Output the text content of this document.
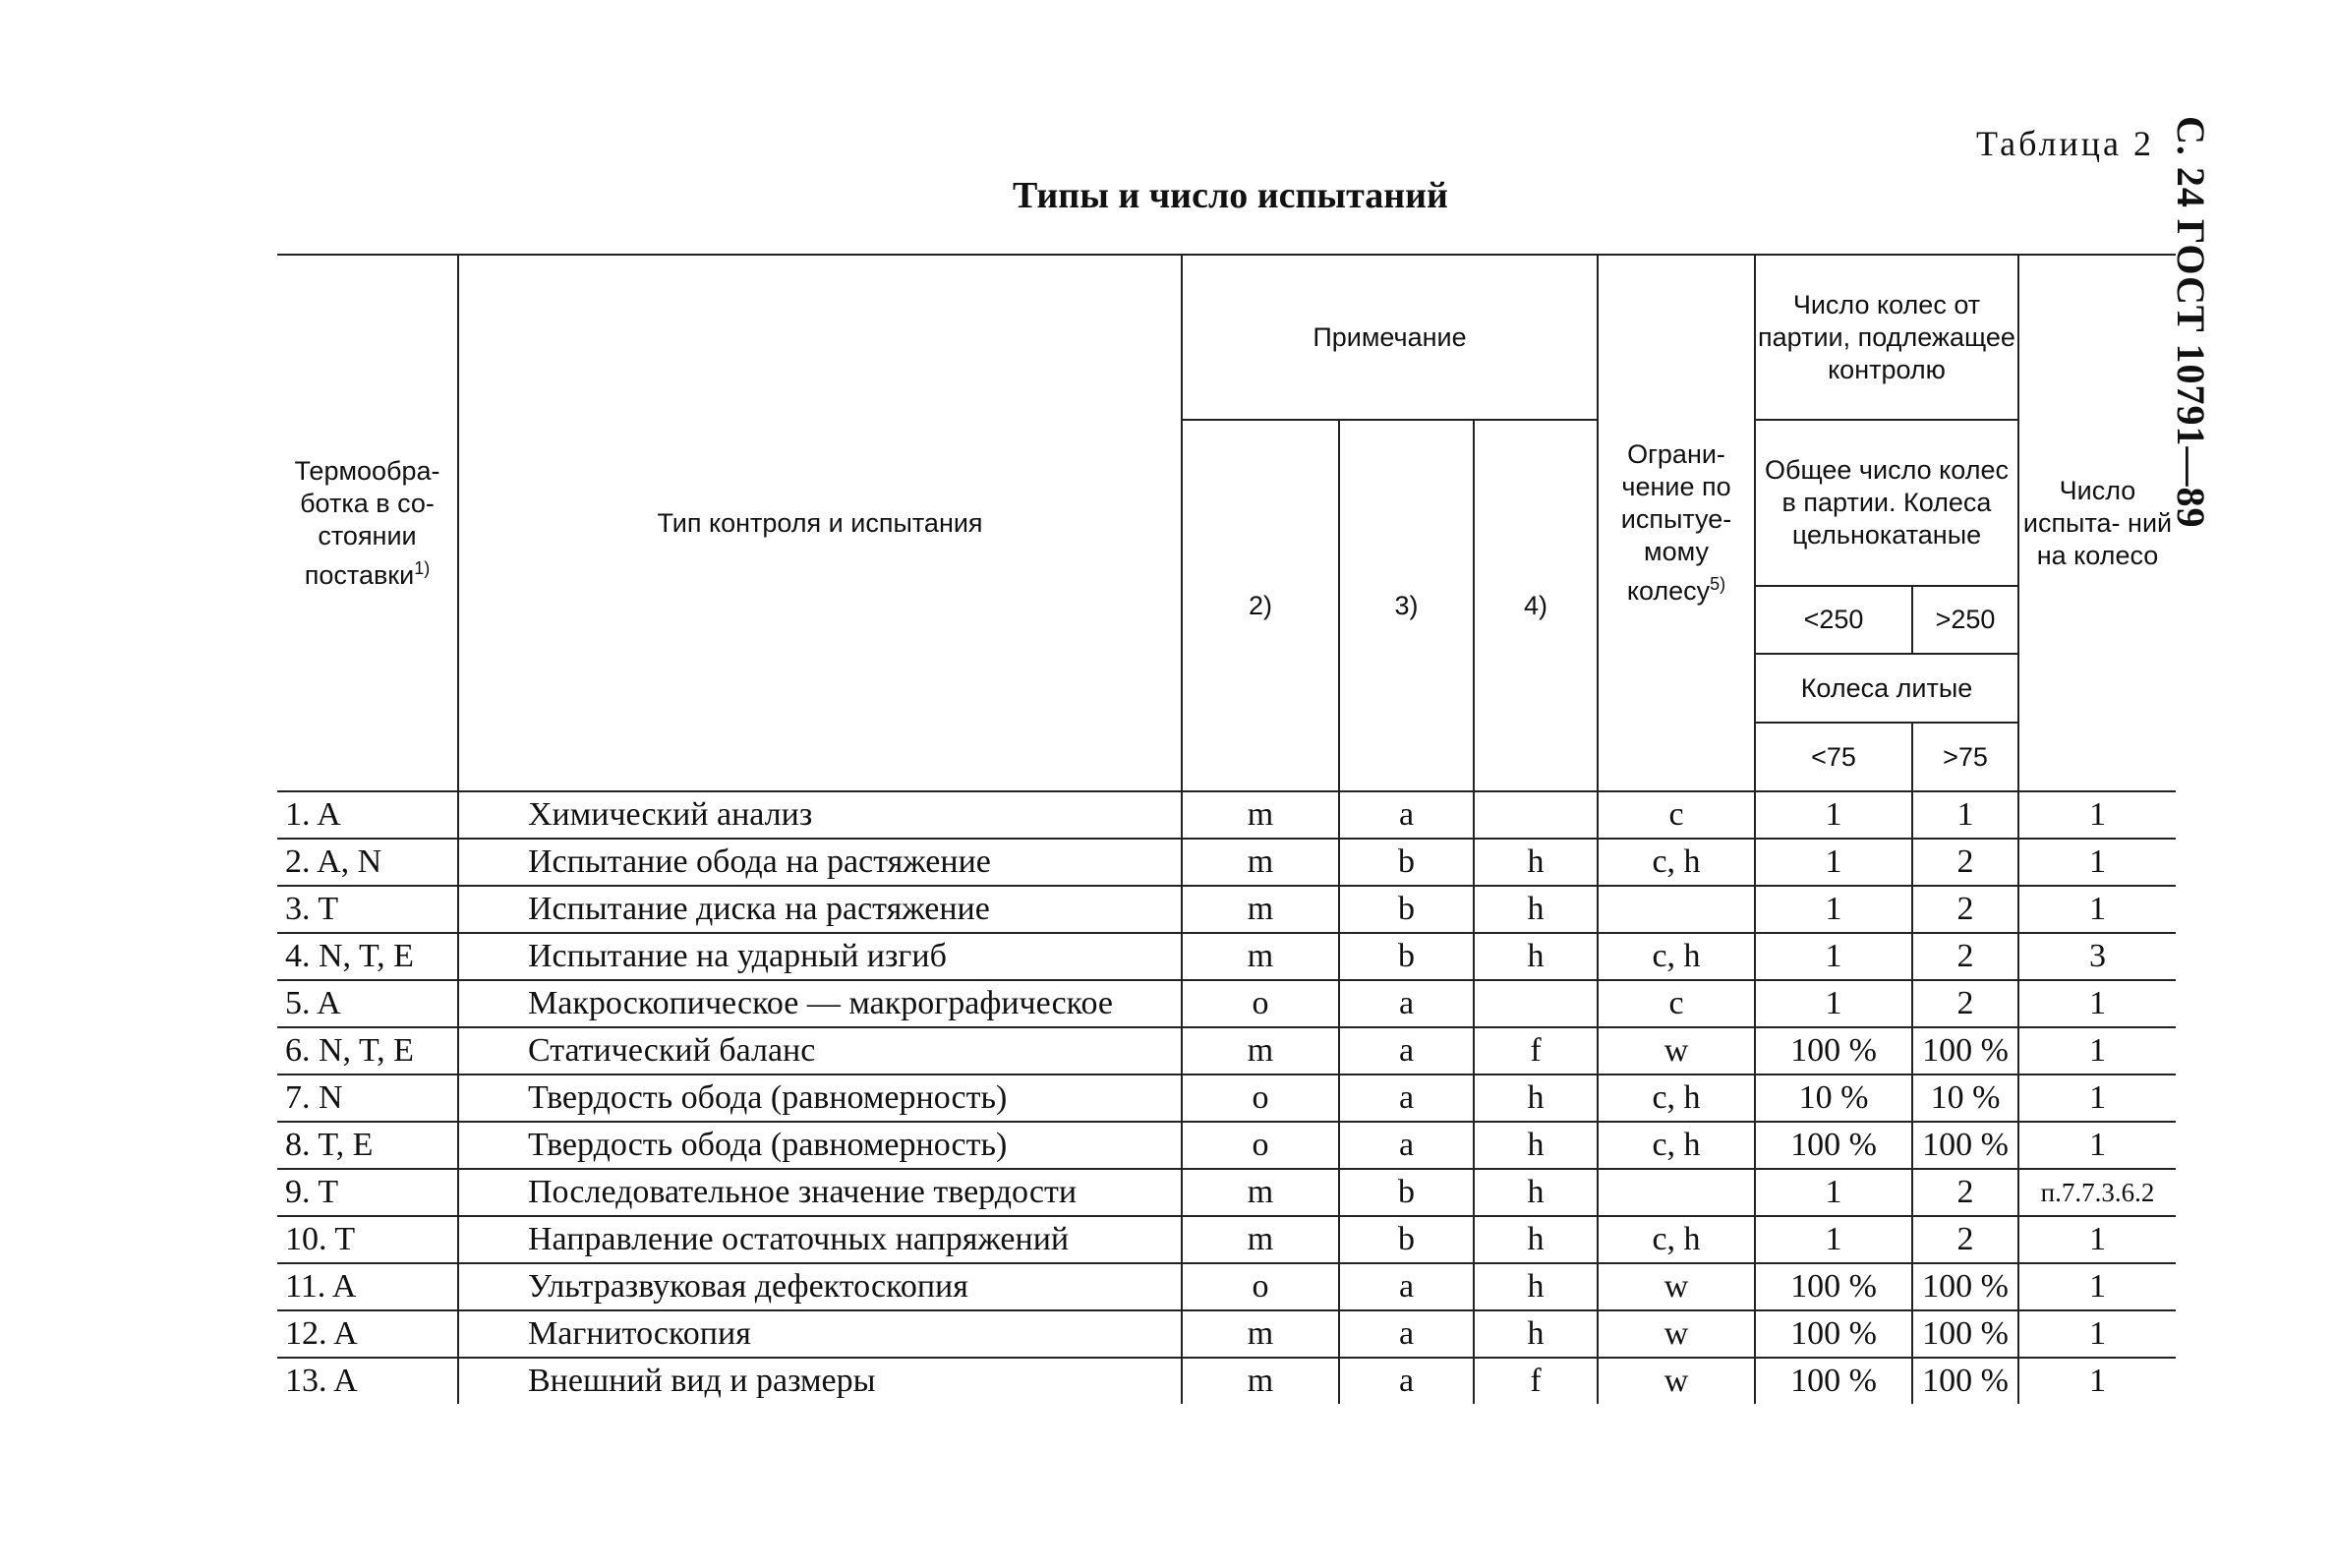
С. 24 ГОСТ 10791—89
Таблица 2
Типы и число испытаний
Термообра- ботка в со- стоянии поставки$^{1)}$	Тип контроля и испытания	Примечание			Ограни- чение по испытуе- мому колесу$^{5)}$	Число колес от партии, подлежащее контролю		Число испыта- ний на колесо
		2)	3)	4)		Общее число колес в партии. Колеса цельнокатаные		
						<250	>250	
						Колеса литые		
						<75	>75	
1. A	Химический анализ	m	a		c	1	1	1
2. A, N	Испытание обода на растяжение	m	b	h	c, h	1	2	1
3. T	Испытание диска на растяжение	m	b	h		1	2	1
4. N, T, E	Испытание на ударный изгиб	m	b	h	c, h	1	2	3
5. A	Макроскопическое — макрографическое	o	a		c	1	2	1
6. N, T, E	Статический баланс	m	a	f	w	100 %	100 %	1
7. N	Твердость обода (равномерность)	o	a	h	c, h	10 %	10 %	1
8. T, E	Твердость обода (равномерность)	o	a	h	c, h	100 %	100 %	1
9. T	Последовательное значение твердости	m	b	h		1	2	п.7.7.3.6.2
10. T	Направление остаточных напряжений	m	b	h	c, h	1	2	1
11. A	Ультразвуковая дефектоскопия	o	a	h	w	100 %	100 %	1
12. A	Магнитоскопия	m	a	h	w	100 %	100 %	1
13. A	Внешний вид и размеры	m	a	f	w	100 %	100 %	1
